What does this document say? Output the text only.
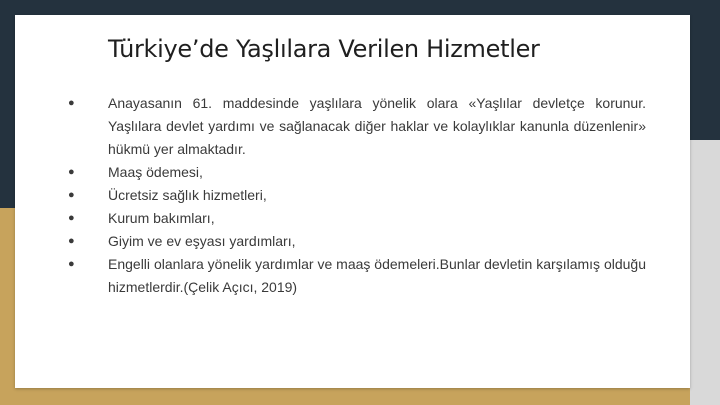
Türkiye’de Yaşlılara Verilen Hizmetler
● Anayasanın 61. maddesinde yaşlılara yönelik olara «Yaşlılar devletçe korunur. Yaşlılara devlet yardımı ve sağlanacak diğer haklar ve kolaylıklar kanunla düzenlenir» hükmü yer almaktadır.
● Maaş ödemesi,
● Ücretsiz sağlık hizmetleri,
● Kurum bakımları,
● Giyim ve ev eşyası yardımları,
● Engelli olanlara yönelik yardımlar ve maaş ödemeleri.Bunlar devletin karşılamış olduğu hizmetlerdir.(Çelik Açıcı, 2019)
